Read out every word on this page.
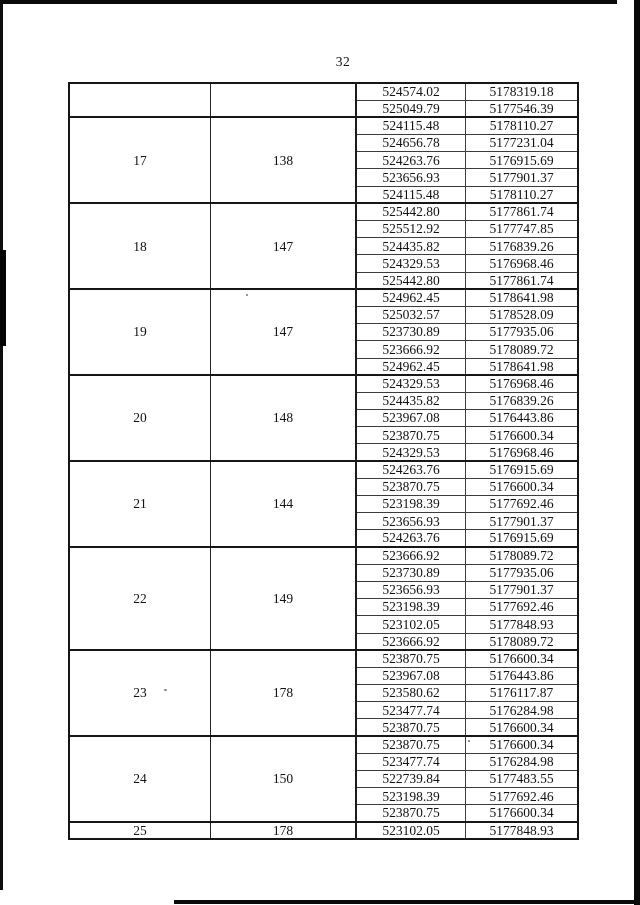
32
		524574.02	5178319.18
		525049.79	5177546.39
17	138	524115.48	5178110.27
		524656.78	5177231.04
		524263.76	5176915.69
		523656.93	5177901.37
		524115.48	5178110.27
18	147	525442.80	5177861.74
		525512.92	5177747.85
		524435.82	5176839.26
		524329.53	5176968.46
		525442.80	5177861.74
19	147	524962.45	5178641.98
		525032.57	5178528.09
		523730.89	5177935.06
		523666.92	5178089.72
		524962.45	5178641.98
20	148	524329.53	5176968.46
		524435.82	5176839.26
		523967.08	5176443.86
		523870.75	5176600.34
		524329.53	5176968.46
21	144	524263.76	5176915.69
		523870.75	5176600.34
		523198.39	5177692.46
		523656.93	5177901.37
		524263.76	5176915.69
22	149	523666.92	5178089.72
		523730.89	5177935.06
		523656.93	5177901.37
		523198.39	5177692.46
		523102.05	5177848.93
		523666.92	5178089.72
23	178	523870.75	5176600.34
		523967.08	5176443.86
		523580.62	5176117.87
		523477.74	5176284.98
		523870.75	5176600.34
24	150	523870.75	5176600.34
		523477.74	5176284.98
		522739.84	5177483.55
		523198.39	5177692.46
		523870.75	5176600.34
25	178	523102.05	5177848.93
